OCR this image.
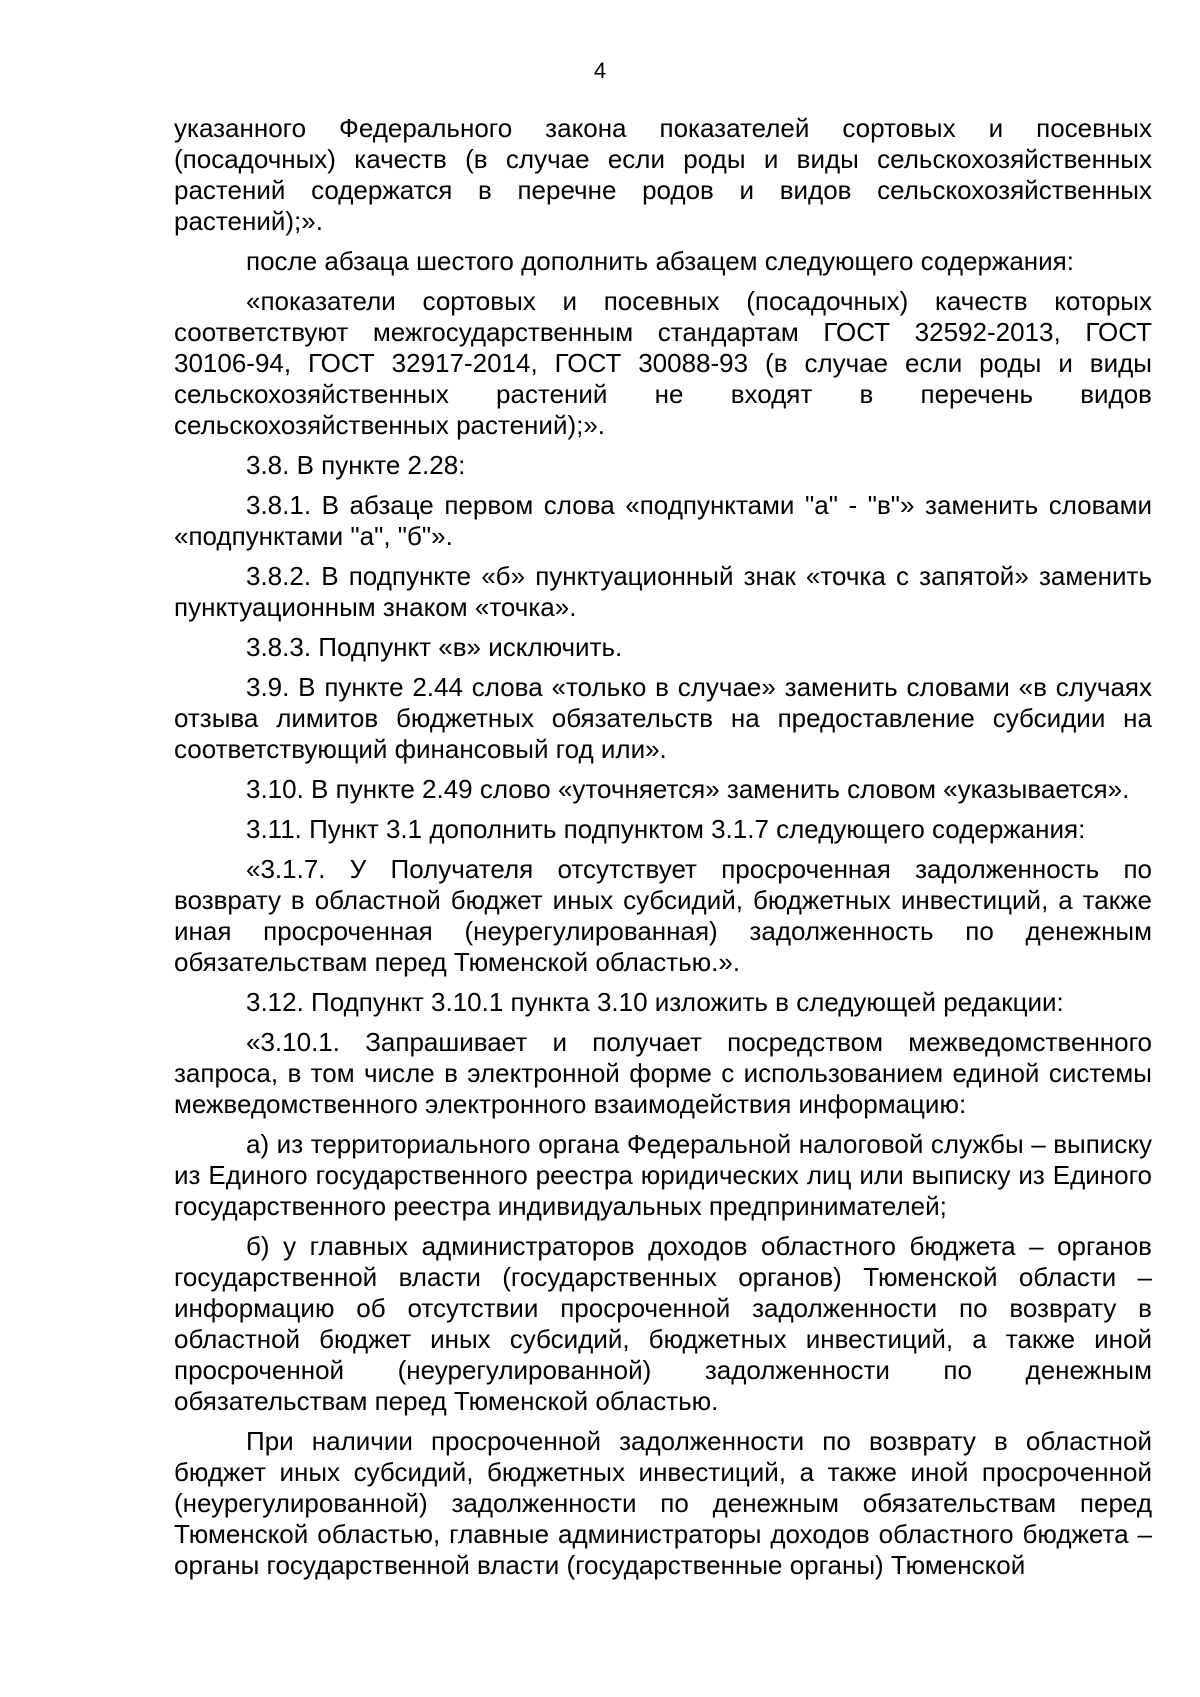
4

указанного Федерального закона показателей сортовых и посевных (посадочных) качеств (в случае если роды и виды сельскохозяйственных растений содержатся в перечне родов и видов сельскохозяйственных растений);».

после абзаца шестого дополнить абзацем следующего содержания:

«показатели сортовых и посевных (посадочных) качеств которых соответствуют межгосударственным стандартам ГОСТ 32592-2013, ГОСТ 30106-94, ГОСТ 32917-2014, ГОСТ 30088-93 (в случае если роды и виды сельскохозяйственных растений не входят в перечень видов сельскохозяйственных растений);».

3.8. В пункте 2.28:

3.8.1. В абзаце первом слова «подпунктами "а" - "в"» заменить словами «подпунктами "а", "б"».

3.8.2. В подпункте «б» пунктуационный знак «точка с запятой» заменить пунктуационным знаком «точка».

3.8.3. Подпункт «в» исключить.

3.9. В пункте 2.44 слова «только в случае» заменить словами «в случаях отзыва лимитов бюджетных обязательств на предоставление субсидии на соответствующий финансовый год или».

3.10. В пункте 2.49 слово «уточняется» заменить словом «указывается».

3.11. Пункт 3.1 дополнить подпунктом 3.1.7 следующего содержания:

«3.1.7. У Получателя отсутствует просроченная задолженность по возврату в областной бюджет иных субсидий, бюджетных инвестиций, а также иная просроченная (неурегулированная) задолженность по денежным обязательствам перед Тюменской областью.».

3.12. Подпункт 3.10.1 пункта 3.10 изложить в следующей редакции:

«3.10.1. Запрашивает и получает посредством межведомственного запроса, в том числе в электронной форме с использованием единой системы межведомственного электронного взаимодействия информацию:

а) из территориального органа Федеральной налоговой службы – выписку из Единого государственного реестра юридических лиц или выписку из Единого государственного реестра индивидуальных предпринимателей;

б) у главных администраторов доходов областного бюджета – органов государственной власти (государственных органов) Тюменской области – информацию об отсутствии просроченной задолженности по возврату в областной бюджет иных субсидий, бюджетных инвестиций, а также иной просроченной (неурегулированной) задолженности по денежным обязательствам перед Тюменской областью.

При наличии просроченной задолженности по возврату в областной бюджет иных субсидий, бюджетных инвестиций, а также иной просроченной (неурегулированной) задолженности по денежным обязательствам перед Тюменской областью, главные администраторы доходов областного бюджета – органы государственной власти (государственные органы) Тюменской
